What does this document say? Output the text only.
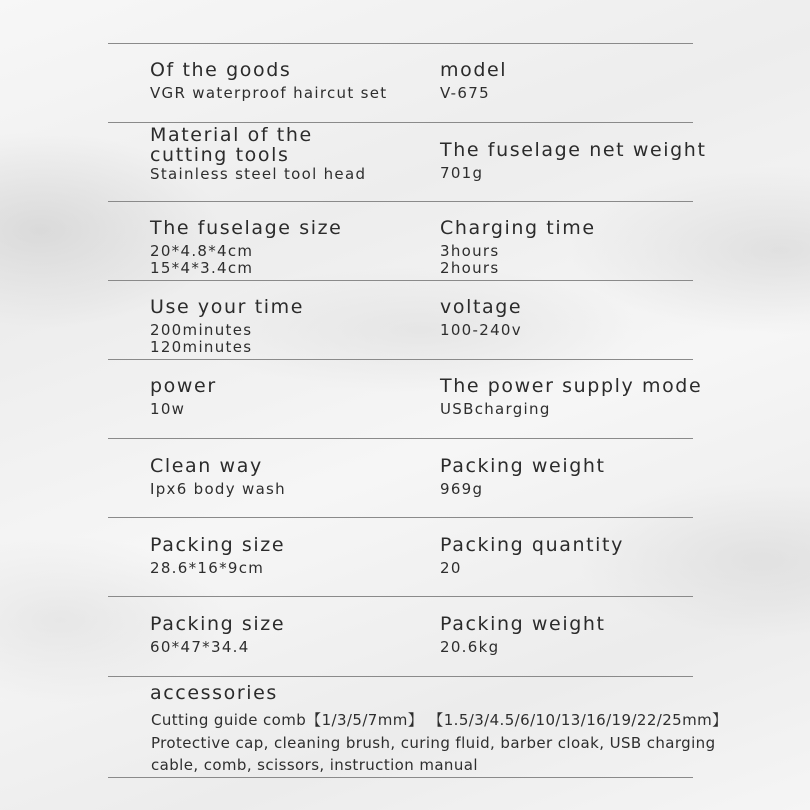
Of the goods
VGR waterproof haircut set
model
V-675
Material of the
cutting tools
Stainless steel tool head
The fuselage net weight
701g
The fuselage size
20*4.8*4cm
15*4*3.4cm
Charging time
3hours
2hours
Use your time
200minutes
120minutes
voltage
100-240v
power
10w
The power supply mode
USBcharging
Clean way
Ipx6 body wash
Packing weight
969g
Packing size
28.6*16*9cm
Packing quantity
20
Packing size
60*47*34.4
Packing weight
20.6kg
accessories
Cutting guide comb【1/3/5/7mm】 【1.5/3/4.5/6/10/13/16/19/22/25mm】
Protective cap, cleaning brush, curing fluid, barber cloak, USB charging
cable, comb, scissors, instruction manual
